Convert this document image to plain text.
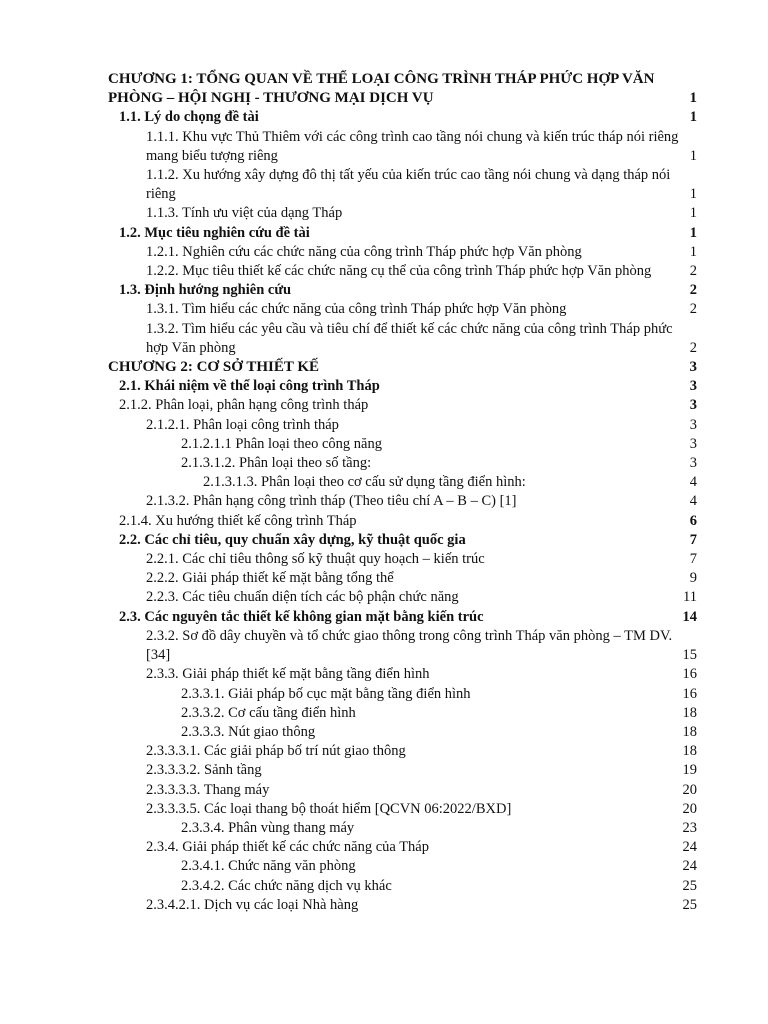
CHƯƠNG 1: TỔNG QUAN VỀ THỂ LOẠI CÔNG TRÌNH THÁP PHỨC HỢP VĂN PHÒNG – HỘI NGHỊ - THƯƠNG MẠI DỊCH VỤ	1
1.1. Lý do chọng đề tài	1
1.1.1. Khu vực Thủ Thiêm với các công trình cao tầng nói chung và kiến trúc tháp nói riêng mang biểu tượng riêng	1
1.1.2. Xu hướng xây dựng đô thị tất yếu của kiến trúc cao tầng nói chung và dạng tháp nói riêng	1
1.1.3. Tính ưu việt của dạng Tháp	1
1.2. Mục tiêu nghiên cứu đề tài	1
1.2.1. Nghiên cứu các chức năng của công trình Tháp phức hợp Văn phòng	1
1.2.2. Mục tiêu thiết kế các chức năng cụ thể của công trình Tháp phức hợp Văn phòng	2
1.3. Định hướng nghiên cứu	2
1.3.1. Tìm hiểu các chức năng của công trình Tháp phức hợp Văn phòng	2
1.3.2. Tìm hiểu các yêu cầu và tiêu chí để thiết kế các chức năng của công trình Tháp phức hợp Văn phòng	2
CHƯƠNG 2: CƠ SỞ THIẾT KẾ	3
2.1. Khái niệm về thể loại công trình Tháp	3
2.1.2. Phân loại, phân hạng công trình tháp	3
2.1.2.1. Phân loại công trình tháp	3
2.1.2.1.1 Phân loại theo công năng	3
2.1.3.1.2. Phân loại theo số tầng:	3
2.1.3.1.3. Phân loại theo cơ cấu sử dụng tầng điển hình:	4
2.1.3.2. Phân hạng công trình tháp (Theo tiêu chí A – B – C) [1]	4
2.1.4. Xu hướng thiết kế công trình Tháp	6
2.2. Các chỉ tiêu, quy chuẩn xây dựng, kỹ thuật quốc gia	7
2.2.1. Các chỉ tiêu thông số kỹ thuật quy hoạch – kiến trúc	7
2.2.2. Giải pháp thiết kế mặt bằng tổng thể	9
2.2.3. Các tiêu chuẩn diện tích các bộ phận chức năng	11
2.3. Các nguyên tắc thiết kế không gian mặt bằng kiến trúc	14
2.3.2. Sơ đồ dây chuyền và tổ chức giao thông trong công trình Tháp văn phòng – TM DV. [34]	15
2.3.3. Giải pháp thiết kế mặt bằng tầng điển hình	16
2.3.3.1. Giải pháp bố cục mặt bằng tầng điển hình	16
2.3.3.2. Cơ cấu tầng điển hình	18
2.3.3.3. Nút giao thông	18
2.3.3.3.1. Các giải pháp bố trí nút giao thông	18
2.3.3.3.2. Sảnh tầng	19
2.3.3.3.3. Thang máy	20
2.3.3.3.5. Các loại thang bộ thoát hiểm [QCVN 06:2022/BXD]	20
2.3.3.4. Phân vùng thang máy	23
2.3.4. Giải pháp thiết kế các chức năng của Tháp	24
2.3.4.1. Chức năng văn phòng	24
2.3.4.2. Các chức năng dịch vụ khác	25
2.3.4.2.1. Dịch vụ các loại Nhà hàng	25
